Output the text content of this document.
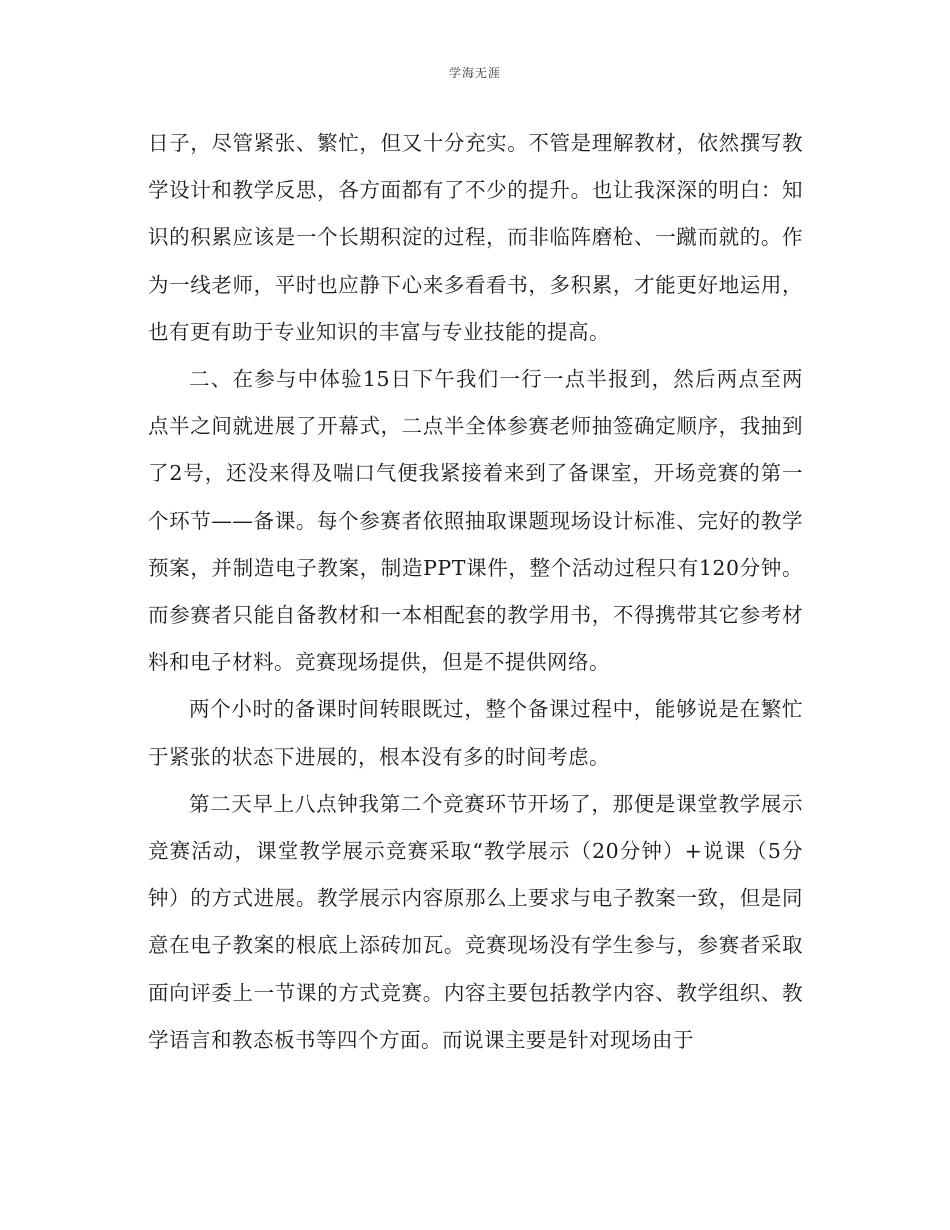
学海无涯

日子，尽管紧张、繁忙，但又十分充实。不管是理解教材，依然撰写教学设计和教学反思，各方面都有了不少的提升。也让我深深的明白：知识的积累应该是一个长期积淀的过程，而非临阵磨枪、一蹴而就的。作为一线老师，平时也应静下心来多看看书，多积累，才能更好地运用，也有更有助于专业知识的丰富与专业技能的提高。

二、在参与中体验15日下午我们一行一点半报到，然后两点至两点半之间就进展了开幕式，二点半全体参赛老师抽签确定顺序，我抽到了2号，还没来得及喘口气便我紧接着来到了备课室，开场竞赛的第一个环节——备课。每个参赛者依照抽取课题现场设计标准、完好的教学预案，并制造电子教案，制造PPT课件，整个活动过程只有120分钟。而参赛者只能自备教材和一本相配套的教学用书，不得携带其它参考材料和电子材料。竞赛现场提供，但是不提供网络。

两个小时的备课时间转眼既过，整个备课过程中，能够说是在繁忙于紧张的状态下进展的，根本没有多的时间考虑。

第二天早上八点钟我第二个竞赛环节开场了，那便是课堂教学展示竞赛活动，课堂教学展示竞赛采取“教学展示（20分钟）+说课（5分钟）的方式进展。教学展示内容原那么上要求与电子教案一致，但是同意在电子教案的根底上添砖加瓦。竞赛现场没有学生参与，参赛者采取面向评委上一节课的方式竞赛。内容主要包括教学内容、教学组织、教学语言和教态板书等四个方面。而说课主要是针对现场由于
